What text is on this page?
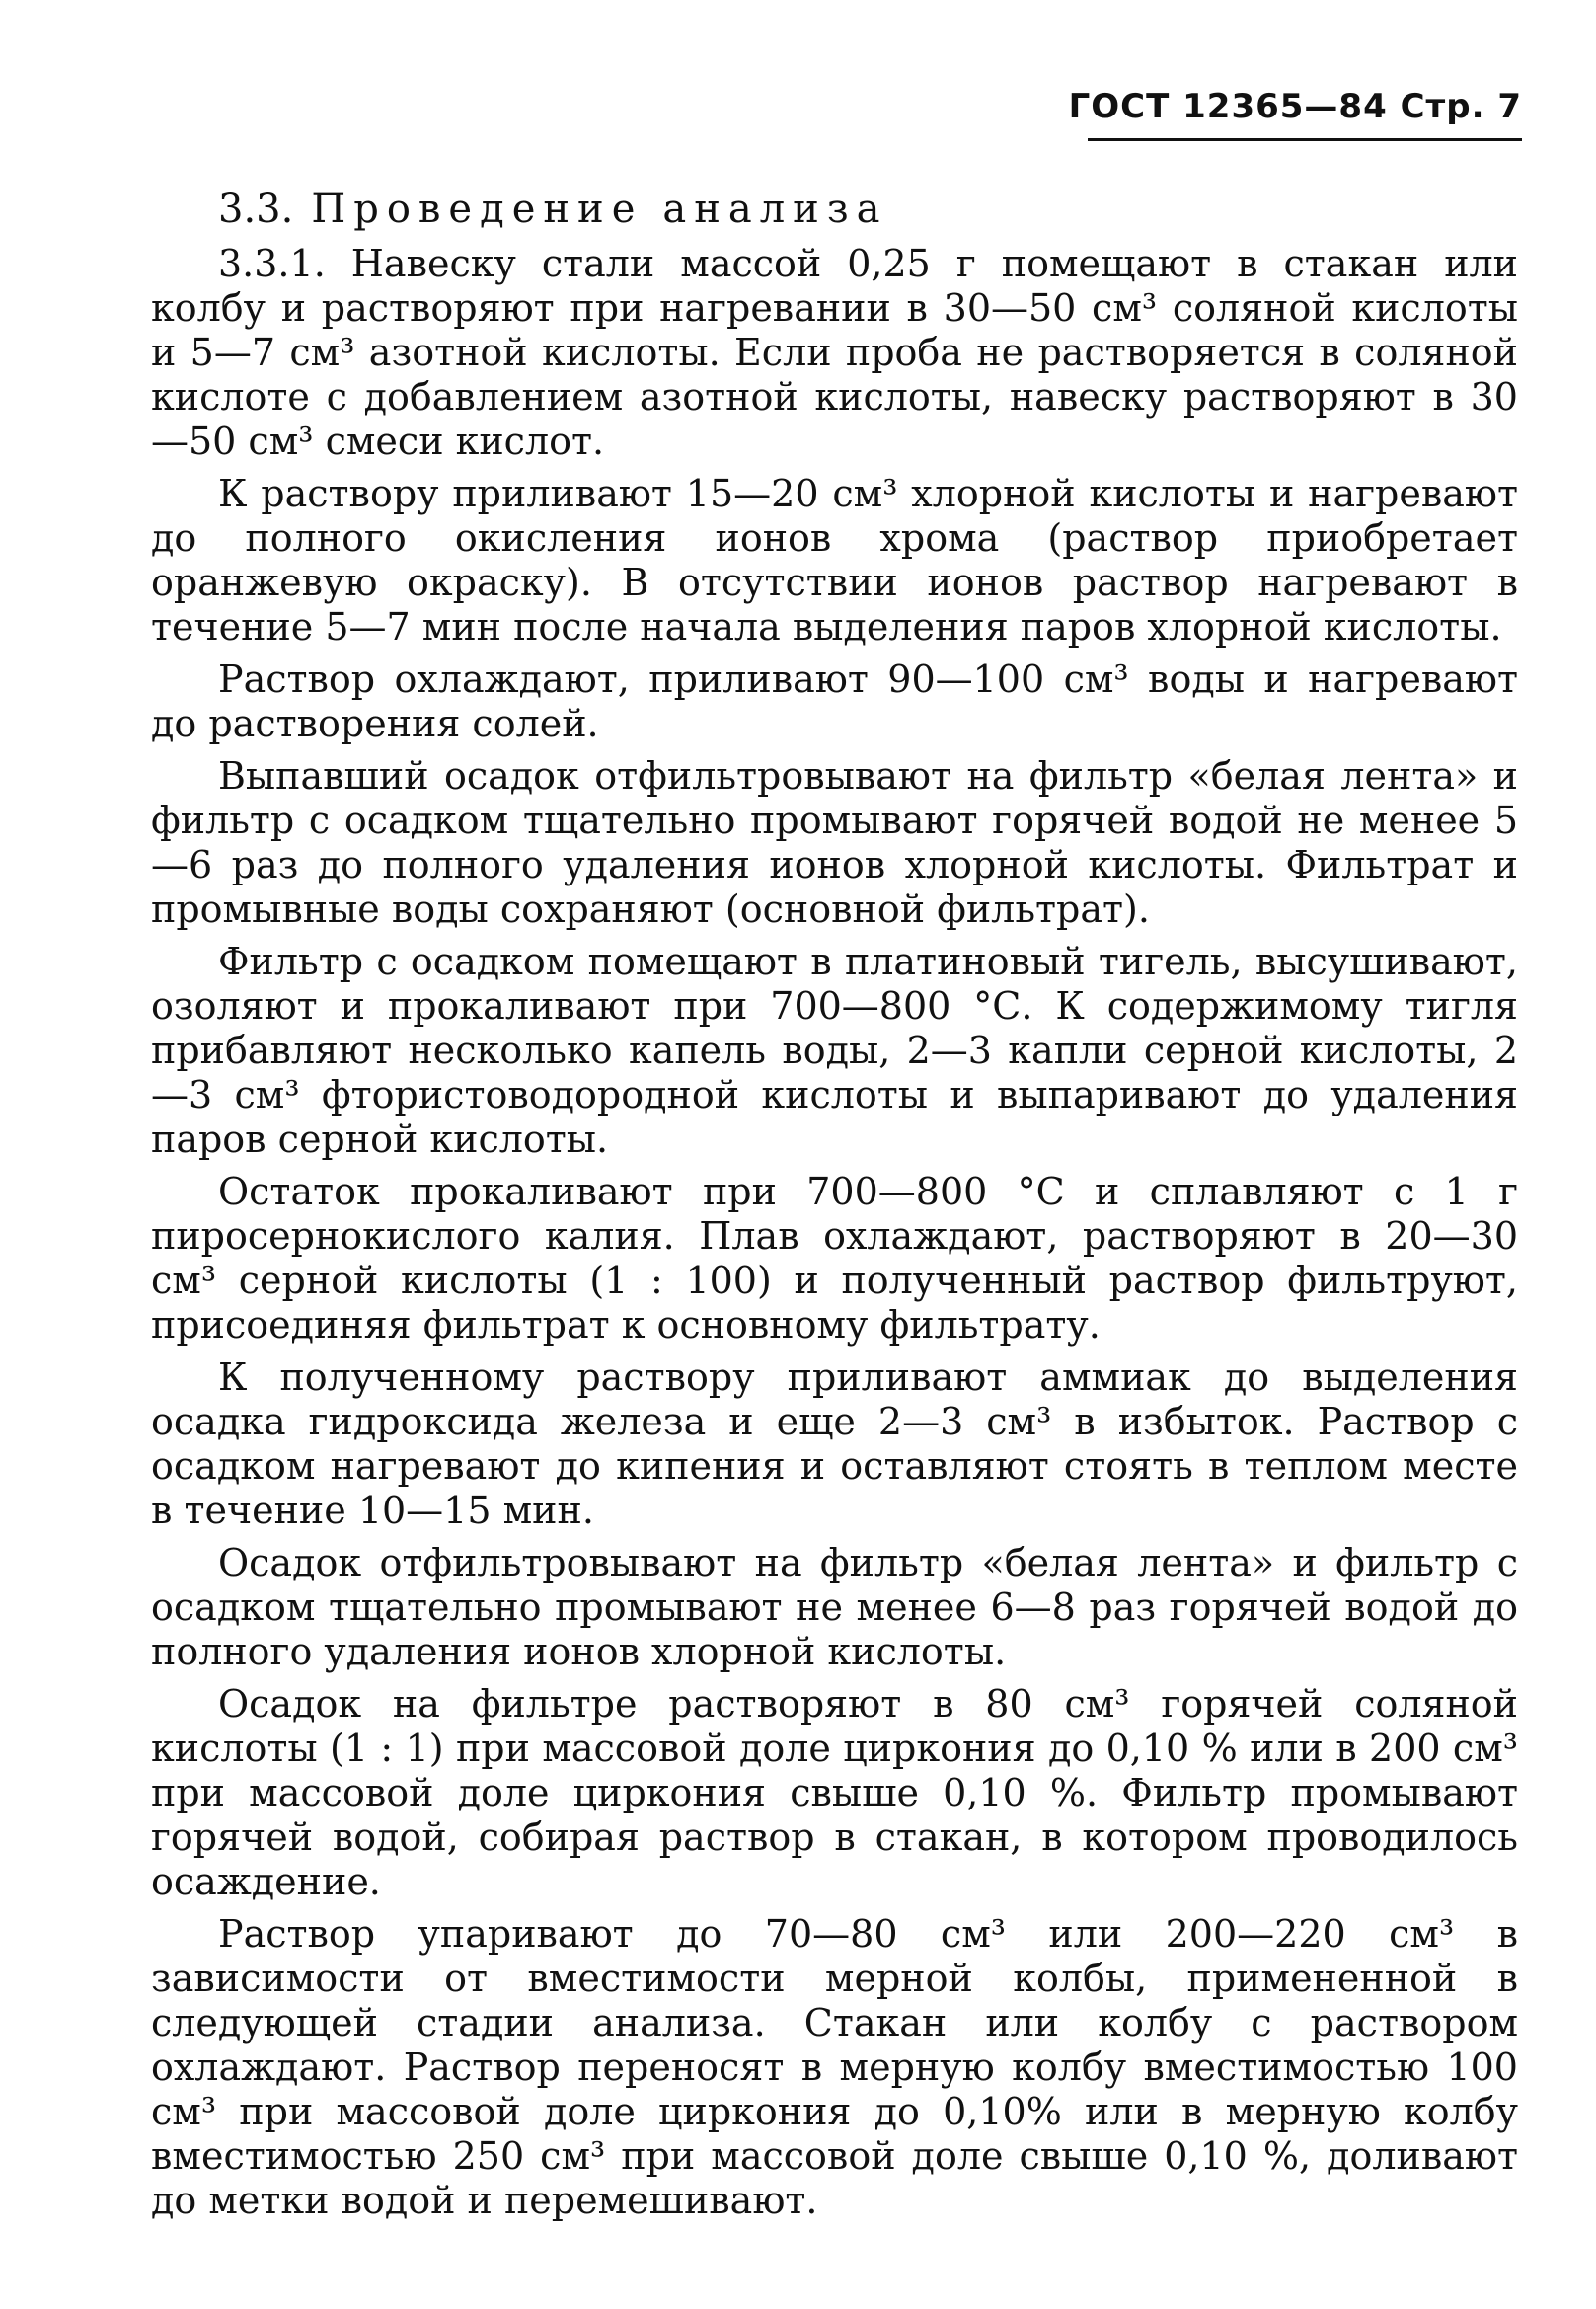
ГОСТ 12365—84 Стр. 7
3.3. Проведение анализа

3.3.1. Навеску стали массой 0,25 г помещают в стакан или колбу и растворяют при нагревании в 30—50 см³ соляной кислоты и 5—7 см³ азотной кислоты. Если проба не растворяется в соляной кислоте с добавлением азотной кислоты, навеску растворяют в 30—50 см³ смеси кислот.

К раствору приливают 15—20 см³ хлорной кислоты и нагревают до полного окисления ионов хрома (раствор приобретает оранжевую окраску). В отсутствии ионов раствор нагревают в течение 5—7 мин после начала выделения паров хлорной кислоты.

Раствор охлаждают, приливают 90—100 см³ воды и нагревают до растворения солей.

Выпавший осадок отфильтровывают на фильтр «белая лента» и фильтр с осадком тщательно промывают горячей водой не менее 5—6 раз до полного удаления ионов хлорной кислоты. Фильтрат и промывные воды сохраняют (основной фильтрат).

Фильтр с осадком помещают в платиновый тигель, высушивают, озоляют и прокаливают при 700—800 °С. К содержимому тигля прибавляют несколько капель воды, 2—3 капли серной кислоты, 2—3 см³ фтористоводородной кислоты и выпаривают до удаления паров серной кислоты.

Остаток прокаливают при 700—800 °С и сплавляют с 1 г пиросернокислого калия. Плав охлаждают, растворяют в 20—30 см³ серной кислоты (1 : 100) и полученный раствор фильтруют, присоединяя фильтрат к основному фильтрату.

К полученному раствору приливают аммиак до выделения осадка гидроксида железа и еще 2—3 см³ в избыток. Раствор с осадком нагревают до кипения и оставляют стоять в теплом месте в течение 10—15 мин.

Осадок отфильтровывают на фильтр «белая лента» и фильтр с осадком тщательно промывают не менее 6—8 раз горячей водой до полного удаления ионов хлорной кислоты.

Осадок на фильтре растворяют в 80 см³ горячей соляной кислоты (1 : 1) при массовой доле циркония до 0,10 % или в 200 см³ при массовой доле циркония свыше 0,10 %. Фильтр промывают горячей водой, собирая раствор в стакан, в котором проводилось осаждение.

Раствор упаривают до 70—80 см³ или 200—220 см³ в зависимости от вместимости мерной колбы, примененной в следующей стадии анализа. Стакан или колбу с раствором охлаждают. Раствор переносят в мерную колбу вместимостью 100 см³ при массовой доле циркония до 0,10% или в мерную колбу вместимостью 250 см³ при массовой доле свыше 0,10 %, доливают до метки водой и перемешивают.
